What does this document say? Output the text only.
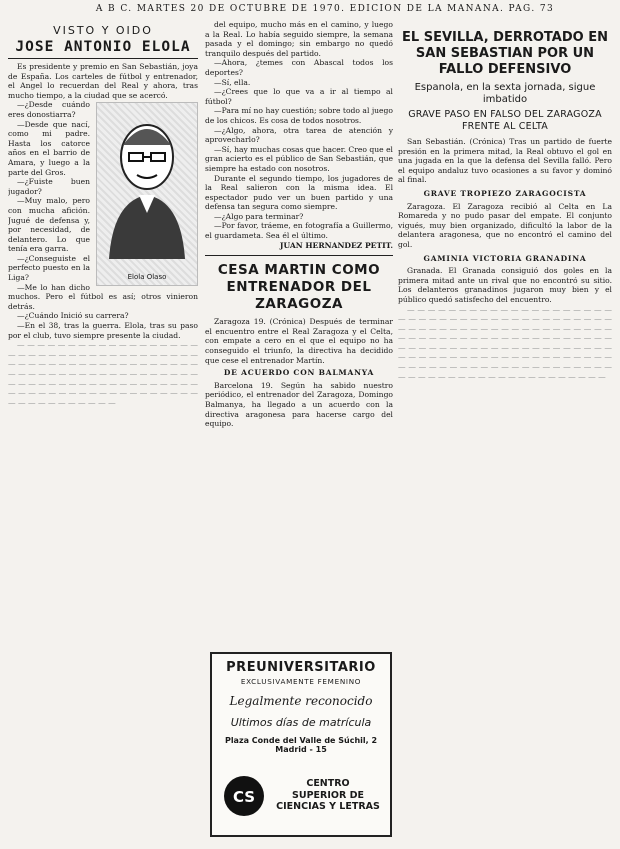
A B C. MARTES 20 DE OCTUBRE DE 1970. EDICION DE LA MAÑANA. PAG. 73
VISTO Y OIDO
JOSE ANTONIO ELOLA

Es presidente y premio en San Sebastián, joya de España. Los carteles de fútbol y entrenador, el Angel lo recuerdan del Real y ahora, tras mucho tiempo, a la ciudad que se acercó.

Elola Olaso

—¿Desde cuándo eres donostiarra?

—Desde que nací, como mi padre. Hasta los catorce años en el barrio de Amara, y luego a la parte del Gros.

—¿Fuiste buen jugador?

—Muy malo, pero con mucha afición. Jugué de defensa y, por necesidad, de delantero. Lo que tenía era garra.

—¿Conseguiste el perfecto puesto en la Liga?

—Me lo han dicho muchos. Pero el fútbol es así; otros vinieron detrás.

—¿Cuándo Inició su carrera?

—En el 38, tras la guerra. Elola, tras su paso por el club, tuvo siempre presente la ciudad.

— — — — — — — — — — — — — — — — — — — — — — — — — — — — — — — — — — — — — — — — — — — — — — — — — — — — — — — — — — — — — — — — — — — — — — — — — — — — — — — — — — — — — — — — — — — — — — — — — — — — — — — — — — — — — — — — — — — — — — — — — — — —

del equipo, mucho más en el camino, y luego a la Real. Lo había seguido siempre, la semana pasada y el domingo; sin embargo no quedó tranquilo después del partido.

—Ahora, ¿temes con Abascal todos los deportes?

—Sí, ella.

—¿Crees que lo que va a ir al tiempo al fútbol?

—Para mí no hay cuestión; sobre todo al juego de los chicos. Es cosa de todos nosotros.

—¿Algo, ahora, otra tarea de atención y aprovecharlo?

—Sí, hay muchas cosas que hacer. Creo que el gran acierto es el público de San Sebastián, que siempre ha estado con nosotros.

Durante el segundo tiempo, los jugadores de la Real salieron con la misma idea. El espectador pudo ver un buen partido y una defensa tan segura como siempre.

—¿Algo para terminar?

—Por favor, tráeme, en fotografía a Guillermo, el guardameta. Sea él el último.

JUAN HERNANDEZ PETIT.

CESA MARTIN COMO ENTRENADOR DEL ZARAGOZA

Zaragoza 19. (Crónica) Después de terminar el encuentro entre el Real Zaragoza y el Celta, con empate a cero en el que el equipo no ha conseguido el triunfo, la directiva ha decidido que cese el entrenador Martín.

DE ACUERDO CON BALMANYA

Barcelona 19. Según ha sabido nuestro periódico, el entrenador del Zaragoza, Domingo Balmanya, ha llegado a un acuerdo con la directiva aragonesa para hacerse cargo del equipo.

PREUNIVERSITARIO
EXCLUSIVAMENTE FEMENINO
Legalmente reconocido
Ultimos días de matrícula
Plaza Conde del Valle de Súchil, 2
Madrid - 15
CS
CENTRO
SUPERIOR DE
CIENCIAS Y LETRAS
EL SEVILLA, DERROTADO EN SAN SEBASTIAN POR UN FALLO DEFENSIVO
Espanola, en la sexta jornada, sigue imbatido
GRAVE PASO EN FALSO DEL ZARAGOZA FRENTE AL CELTA

San Sebastián. (Crónica) Tras un partido de fuerte presión en la primera mitad, la Real obtuvo el gol en una jugada en la que la defensa del Sevilla falló. Pero el equipo andaluz tuvo ocasiones a su favor y dominó al final.

GRAVE TROPIEZO ZARAGOCISTA

Zaragoza. El Zaragoza recibió al Celta en La Romareda y no pudo pasar del empate. El conjunto vigués, muy bien organizado, dificultó la labor de la delantera aragonesa, que no encontró el camino del gol.

GAMINIA VICTORIA GRANADINA

Granada. El Granada consiguió dos goles en la primera mitad ante un rival que no encontró su sitio. Los delanteros granadinos jugaron muy bien y el público quedó satisfecho del encuentro.

— — — — — — — — — — — — — — — — — — — — — — — — — — — — — — — — — — — — — — — — — — — — — — — — — — — — — — — — — — — — — — — — — — — — — — — — — — — — — — — — — — — — — — — — — — — — — — — — — — — — — — — — — — — — — — — — — — — — — — — — — — — — — — — — — — — — — — — — — — — — — — — — — — — — — — — — — — — — — — — — — — — — — — —
